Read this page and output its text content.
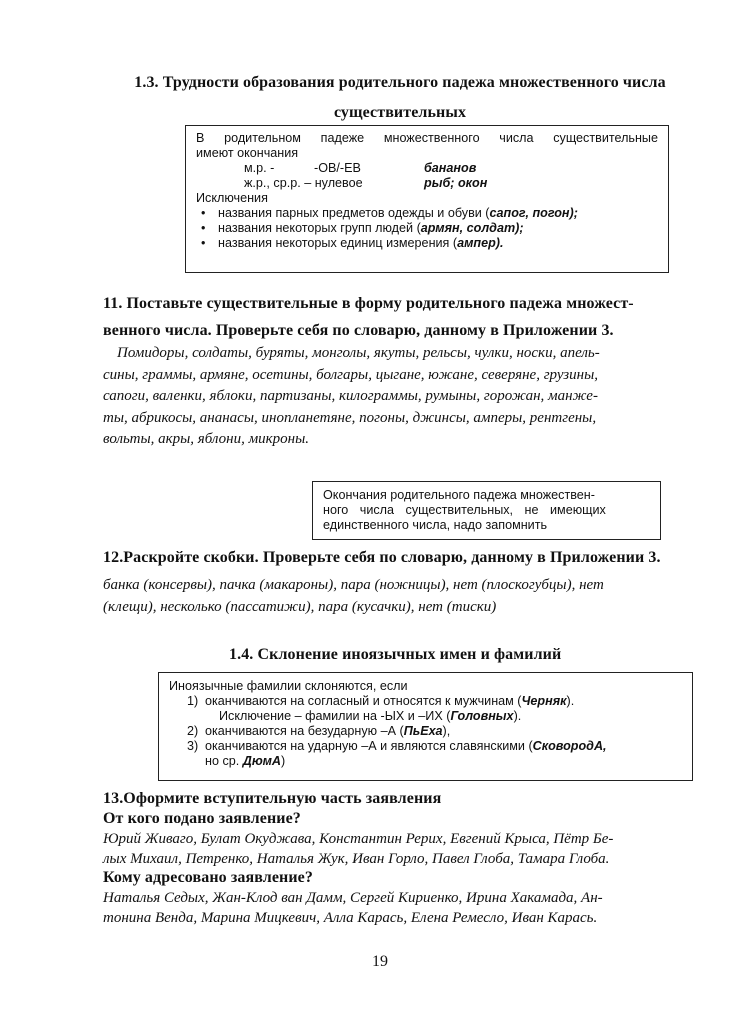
1.3. Трудности образования родительного падежа множественного числа
существительных
В родительном падеже множественного числа существительные
имеют окончания
м.р. -	-ОВ/-ЕВ	бананов
ж.р., ср.р. – нулевое	рыб; окон
Исключения
• названия парных предметов одежды и обуви (сапог, погон);
• названия некоторых групп людей (армян, солдат);
• названия некоторых единиц измерения (ампер).
11. Поставьте существительные в форму родительного падежа множест-
венного числа. Проверьте себя по словарю, данному в Приложении 3.
Помидоры, солдаты, буряты, монголы, якуты, рельсы, чулки, носки, апель-
сины, граммы, армяне, осетины, болгары, цыгане, южане, северяне, грузины,
сапоги, валенки, яблоки, партизаны, килограммы, румыны, горожан, манже-
ты, абрикосы, ананасы, инопланетяне, погоны, джинсы, амперы, рентгены,
вольты, акры, яблони, микроны.
Окончания родительного падежа множествен-
ного числа существительных, не имеющих
единственного числа, надо запомнить
12.Раскройте скобки. Проверьте себя по словарю, данному в Приложении 3.
банка (консервы), пачка (макароны), пара (ножницы), нет (плоскогубцы), нет
(клещи), несколько (пассатижи), пара (кусачки), нет (тиски)
1.4. Склонение иноязычных имен и фамилий
Иноязычные фамилии склоняются, если
1) оканчиваются на согласный и относятся к мужчинам (Черняк).
Исключение – фамилии на -ЫХ и –ИХ (Головных).
2) оканчиваются на безударную –А (ПьЕха),
3) оканчиваются на ударную –А и являются славянскими (СковородА,
но ср. ДюмА)
13.Оформите вступительную часть заявления
От кого подано заявление?
Юрий Живаго, Булат Окуджава, Константин Рерих, Евгений Крыса, Пётр Бе-
лых Михаил, Петренко, Наталья Жук, Иван Горло, Павел Глоба, Тамара Глоба.
Кому адресовано заявление?
Наталья Седых, Жан-Клод ван Дамм, Сергей Кириенко, Ирина Хакамада, Ан-
тонина Венда, Марина Мицкевич, Алла Карась, Елена Ремесло, Иван Карась.
19
